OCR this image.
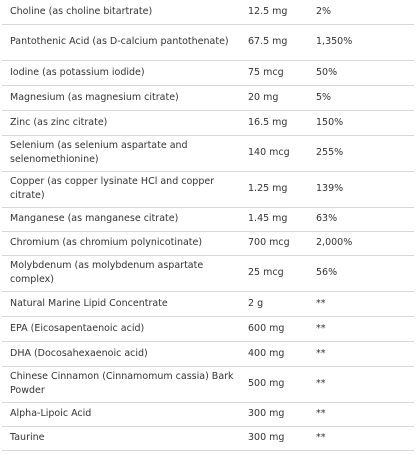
Choline (as choline bitartrate)	12.5 mg	2%
Pantothenic Acid (as D-calcium pantothenate)	67.5 mg	1,350%
Iodine (as potassium iodide)	75 mcg	50%
Magnesium (as magnesium citrate)	20 mg	5%
Zinc (as zinc citrate)	16.5 mg	150%
Selenium (as selenium aspartate and selenomethionine)	140 mcg	255%
Copper (as copper lysinate HCl and copper citrate)	1.25 mg	139%
Manganese (as manganese citrate)	1.45 mg	63%
Chromium (as chromium polynicotinate)	700 mcg	2,000%
Molybdenum (as molybdenum aspartate complex)	25 mcg	56%
Natural Marine Lipid Concentrate	2 g	**
EPA (Eicosapentaenoic acid)	600 mg	**
DHA (Docosahexaenoic acid)	400 mg	**
Chinese Cinnamon (Cinnamomum cassia) Bark Powder	500 mg	**
Alpha-Lipoic Acid	300 mg	**
Taurine	300 mg	**
